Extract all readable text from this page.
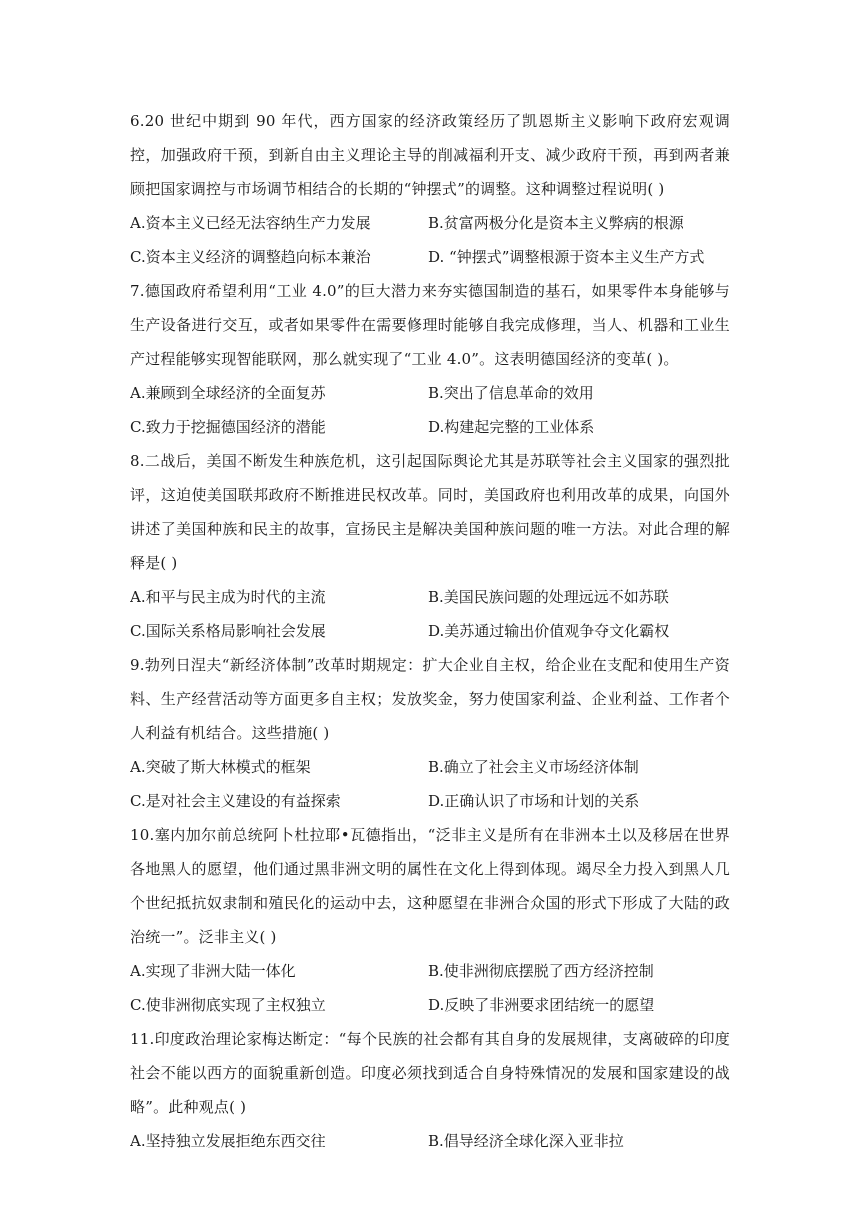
6.20 世纪中期到 90 年代，西方国家的经济政策经历了凯恩斯主义影响下政府宏观调控，加强政府干预，到新自由主义理论主导的削减福利开支、减少政府干预，再到两者兼顾把国家调控与市场调节相结合的长期的“钟摆式”的调整。这种调整过程说明( )
A.资本主义已经无法容纳生产力发展	B.贫富两极分化是资本主义弊病的根源
C.资本主义经济的调整趋向标本兼治	D. “钟摆式”调整根源于资本主义生产方式
7.德国政府希望利用“工业 4.0”的巨大潜力来夯实德国制造的基石，如果零件本身能够与生产设备进行交互，或者如果零件在需要修理时能够自我完成修理，当人、机器和工业生产过程能够实现智能联网，那么就实现了“工业 4.0”。这表明德国经济的变革( )。
A.兼顾到全球经济的全面复苏	B.突出了信息革命的效用
C.致力于挖掘德国经济的潜能	D.构建起完整的工业体系
8.二战后，美国不断发生种族危机，这引起国际舆论尤其是苏联等社会主义国家的强烈批评，这迫使美国联邦政府不断推进民权改革。同时，美国政府也利用改革的成果，向国外讲述了美国种族和民主的故事，宣扬民主是解决美国种族问题的唯一方法。对此合理的解释是( )
A.和平与民主成为时代的主流	B.美国民族问题的处理远远不如苏联
C.国际关系格局影响社会发展	D.美苏通过输出价值观争夺文化霸权
9.勃列日涅夫“新经济体制”改革时期规定：扩大企业自主权，给企业在支配和使用生产资料、生产经营活动等方面更多自主权；发放奖金，努力使国家利益、企业利益、工作者个人利益有机结合。这些措施( )
A.突破了斯大林模式的框架	B.确立了社会主义市场经济体制
C.是对社会主义建设的有益探索	D.正确认识了市场和计划的关系
10.塞内加尔前总统阿卜杜拉耶•瓦德指出，“泛非主义是所有在非洲本土以及移居在世界各地黑人的愿望，他们通过黑非洲文明的属性在文化上得到体现。竭尽全力投入到黑人几个世纪抵抗奴隶制和殖民化的运动中去，这种愿望在非洲合众国的形式下形成了大陆的政治统一”。泛非主义( )
A.实现了非洲大陆一体化	B.使非洲彻底摆脱了西方经济控制
C.使非洲彻底实现了主权独立	D.反映了非洲要求团结统一的愿望
11.印度政治理论家梅达断定：“每个民族的社会都有其自身的发展规律，支离破碎的印度社会不能以西方的面貌重新创造。印度必须找到适合自身特殊情况的发展和国家建设的战略”。此种观点( )
A.坚持独立发展拒绝东西交往	B.倡导经济全球化深入亚非拉
